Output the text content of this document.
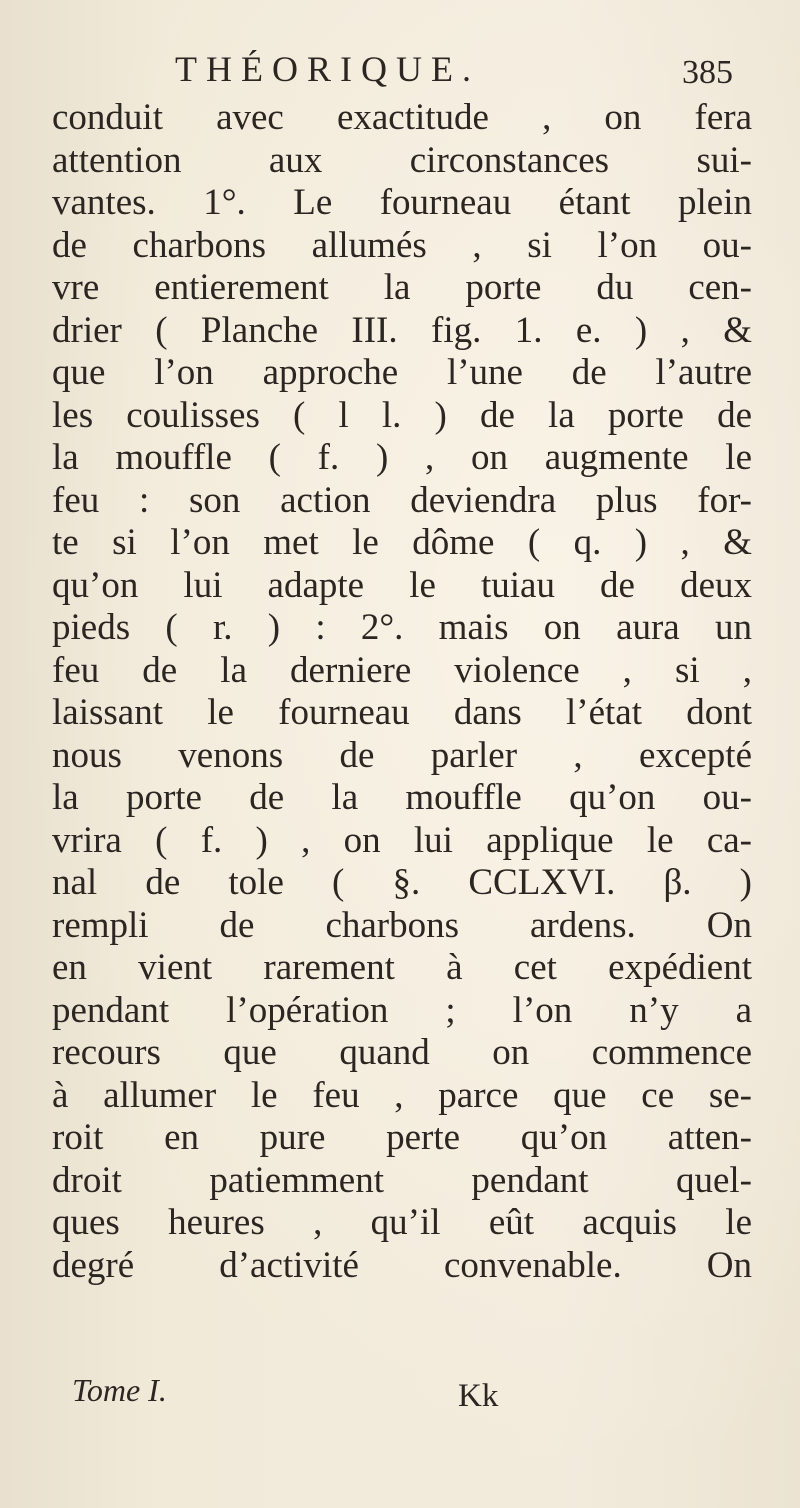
THÉORIQUE.	385
conduit avec exactitude , on fera
attention aux circonstances sui-
vantes. 1°. Le fourneau étant plein
de charbons allumés , si l’on ou-
vre entierement la porte du cen-
drier ( Planche III. fig. 1. e. ) , &
que l’on approche l’une de l’autre
les coulisses ( l l. ) de la porte de
la mouffle ( f. ) , on augmente le
feu : son action deviendra plus for-
te si l’on met le dôme ( q. ) , &
qu’on lui adapte le tuiau de deux
pieds ( r. ) : 2°. mais on aura un
feu de la derniere violence , si ,
laissant le fourneau dans l’état dont
nous venons de parler , excepté
la porte de la mouffle qu’on ou-
vrira ( f. ) , on lui applique le ca-
nal de tole ( §. CCLXVI. β. )
rempli de charbons ardens. On
en vient rarement à cet expédient
pendant l’opération ; l’on n’y a
recours que quand on commence
à allumer le feu , parce que ce se-
roit en pure perte qu’on atten-
droit patiemment pendant quel-
ques heures , qu’il eût acquis le
degré d’activité convenable. On
Tome I.	Kk
